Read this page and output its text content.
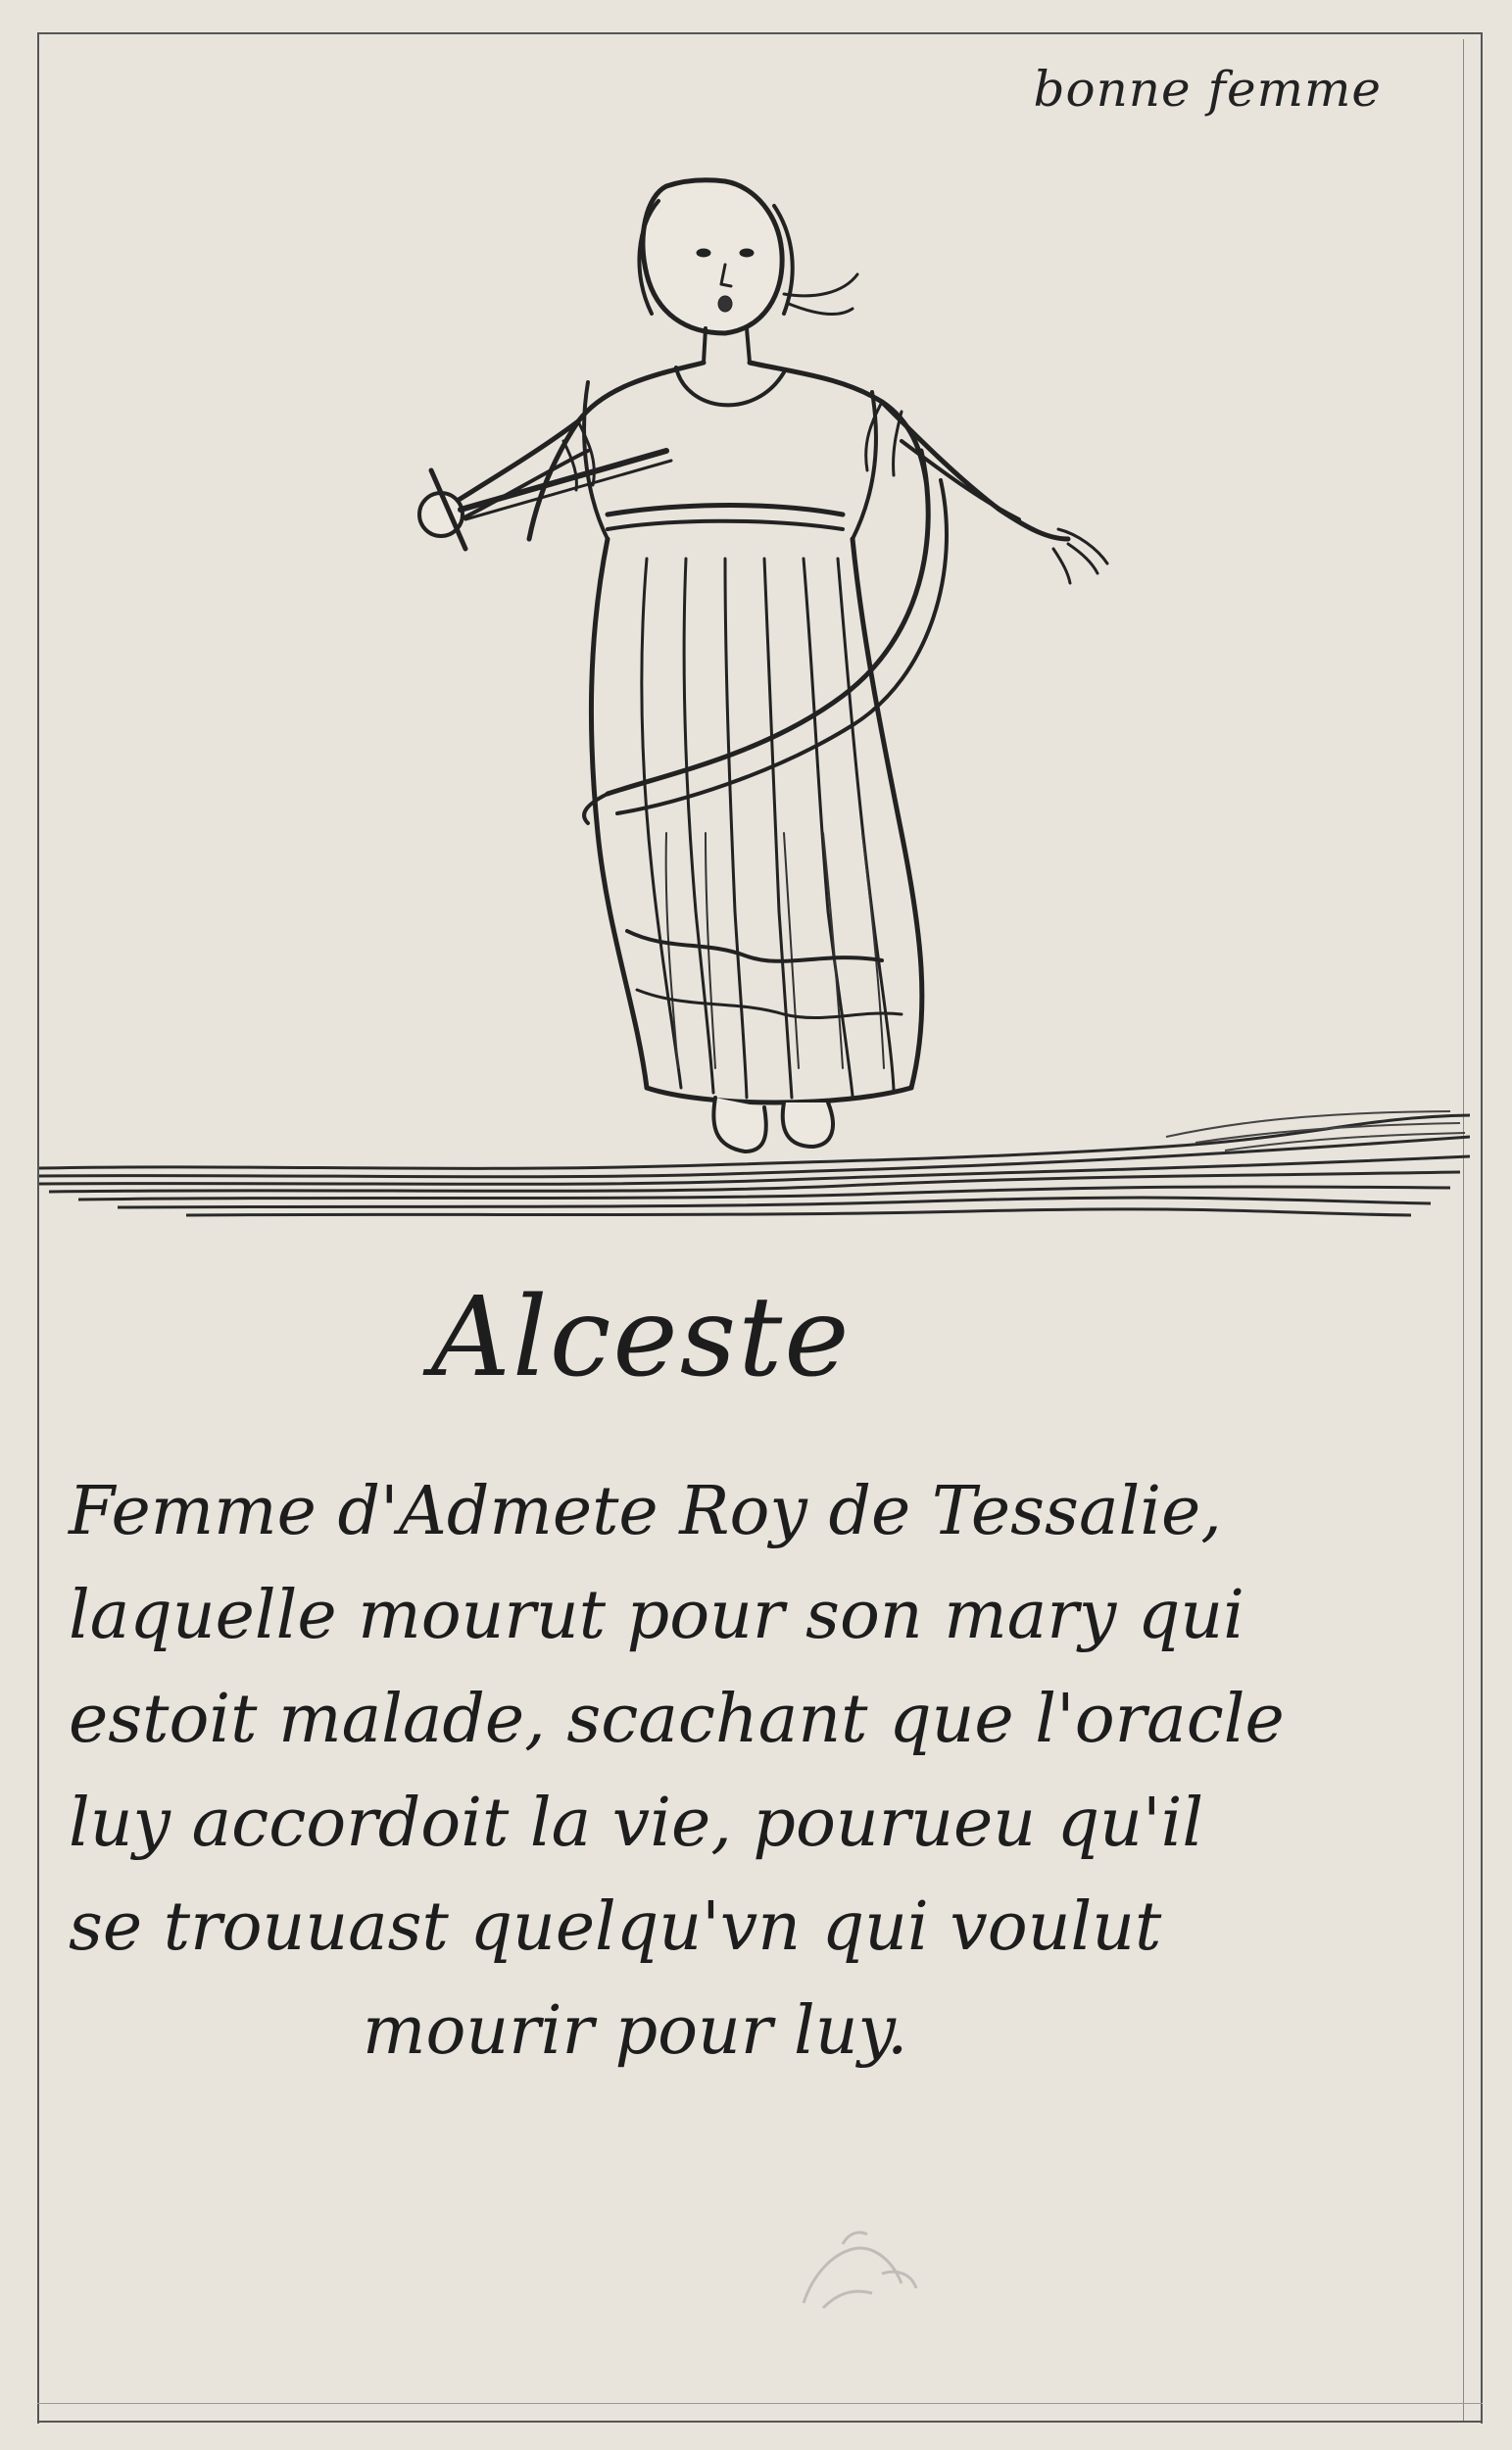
bonne femme
Alceste
Femme d'Admete Roy de Tessalie,
laquelle mourut pour son mary qui
estoit malade, scachant que l'oracle
luy accordoit la vie, pourueu qu'il
se trouuast quelqu'vn qui voulut
mourir pour luy.
